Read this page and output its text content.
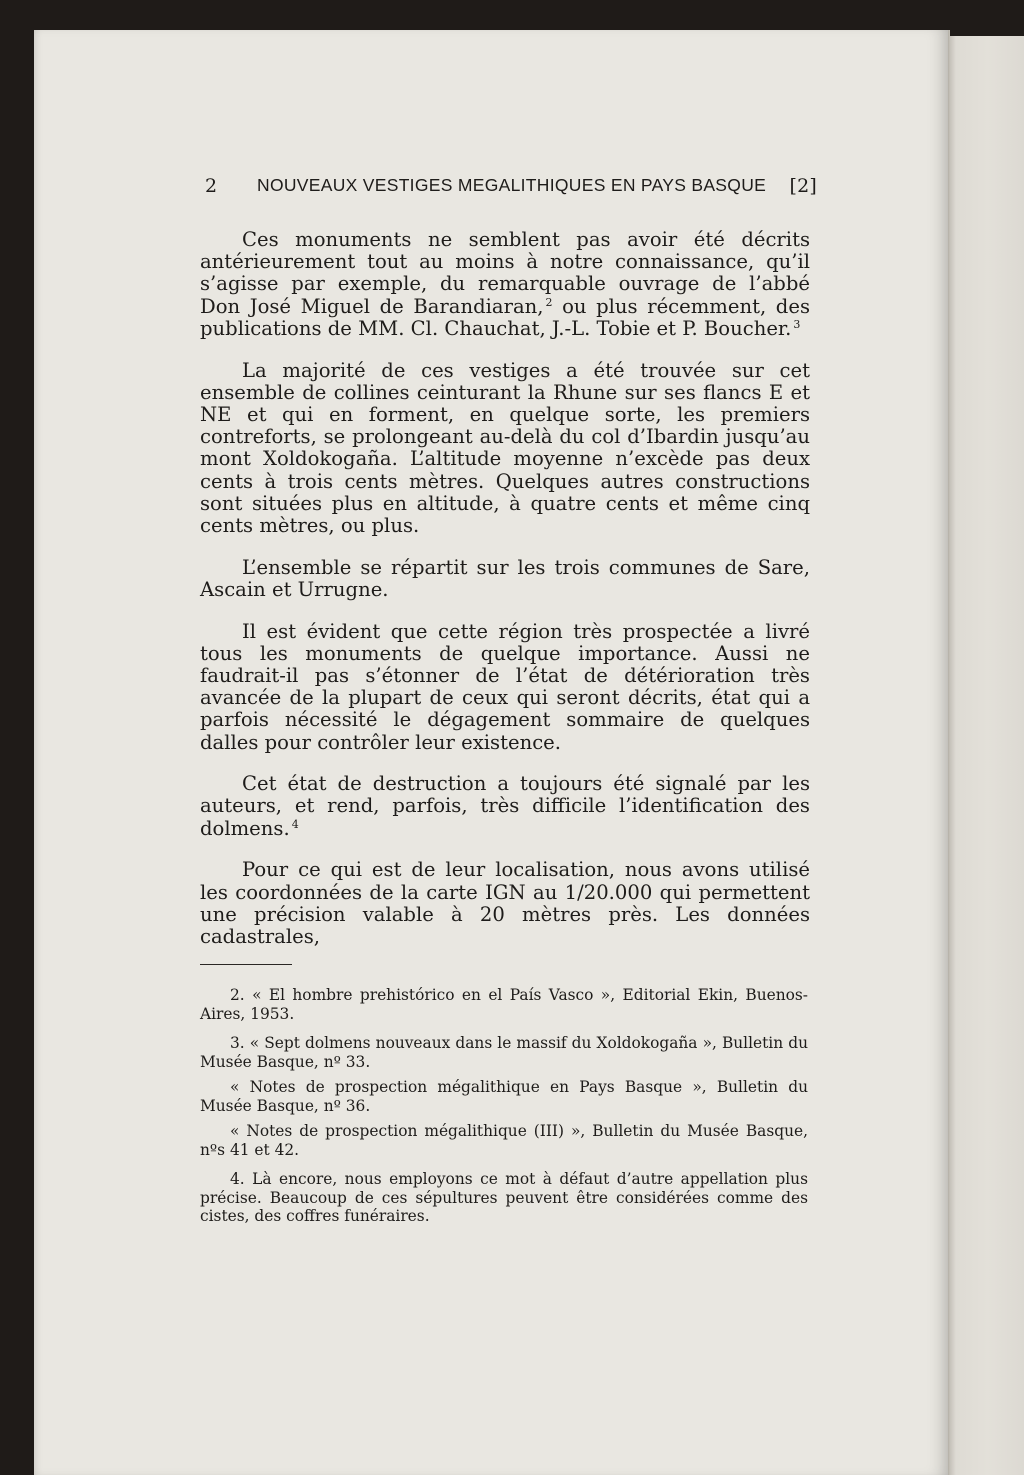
2 NOUVEAUX VESTIGES MEGALITHIQUES EN PAYS BASQUE [2]

Ces monuments ne semblent pas avoir été décrits antérieurement tout au moins à notre connaissance, qu’il s’agisse par exemple, du remarquable ouvrage de l’abbé Don José Miguel de Barandiaran, $^2$ ou plus récemment, des publications de MM. Cl. Chauchat, J.-L. Tobie et P. Boucher. $^3$

La majorité de ces vestiges a été trouvée sur cet ensemble de collines ceinturant la Rhune sur ses flancs E et NE et qui en forment, en quelque sorte, les premiers contreforts, se prolongeant au-delà du col d’Ibardin jusqu’au mont Xoldokogaña. L’altitude moyenne n’excède pas deux cents à trois cents mètres. Quelques autres constructions sont situées plus en altitude, à quatre cents et même cinq cents mètres, ou plus.

L’ensemble se répartit sur les trois communes de Sare, Ascain et Urrugne.

Il est évident que cette région très prospectée a livré tous les monuments de quelque importance. Aussi ne faudrait-il pas s’étonner de l’état de détérioration très avancée de la plupart de ceux qui seront décrits, état qui a parfois nécessité le dégagement sommaire de quelques dalles pour contrôler leur existence.

Cet état de destruction a toujours été signalé par les auteurs, et rend, parfois, très difficile l’identification des dolmens. $^4$

Pour ce qui est de leur localisation, nous avons utilisé les coordonnées de la carte IGN au 1/20.000 qui permettent une précision valable à 20 mètres près. Les données cadastrales,

2. « El hombre prehistórico en el País Vasco », Editorial Ekin, Buenos-Aires, 1953.

3. « Sept dolmens nouveaux dans le massif du Xoldokogaña », Bulletin du Musée Basque, nº 33.

« Notes de prospection mégalithique en Pays Basque », Bulletin du Musée Basque, nº 36.

« Notes de prospection mégalithique (III) », Bulletin du Musée Basque, nºs 41 et 42.

4. Là encore, nous employons ce mot à défaut d’autre appellation plus précise. Beaucoup de ces sépultures peuvent être considérées comme des cistes, des coffres funéraires.
